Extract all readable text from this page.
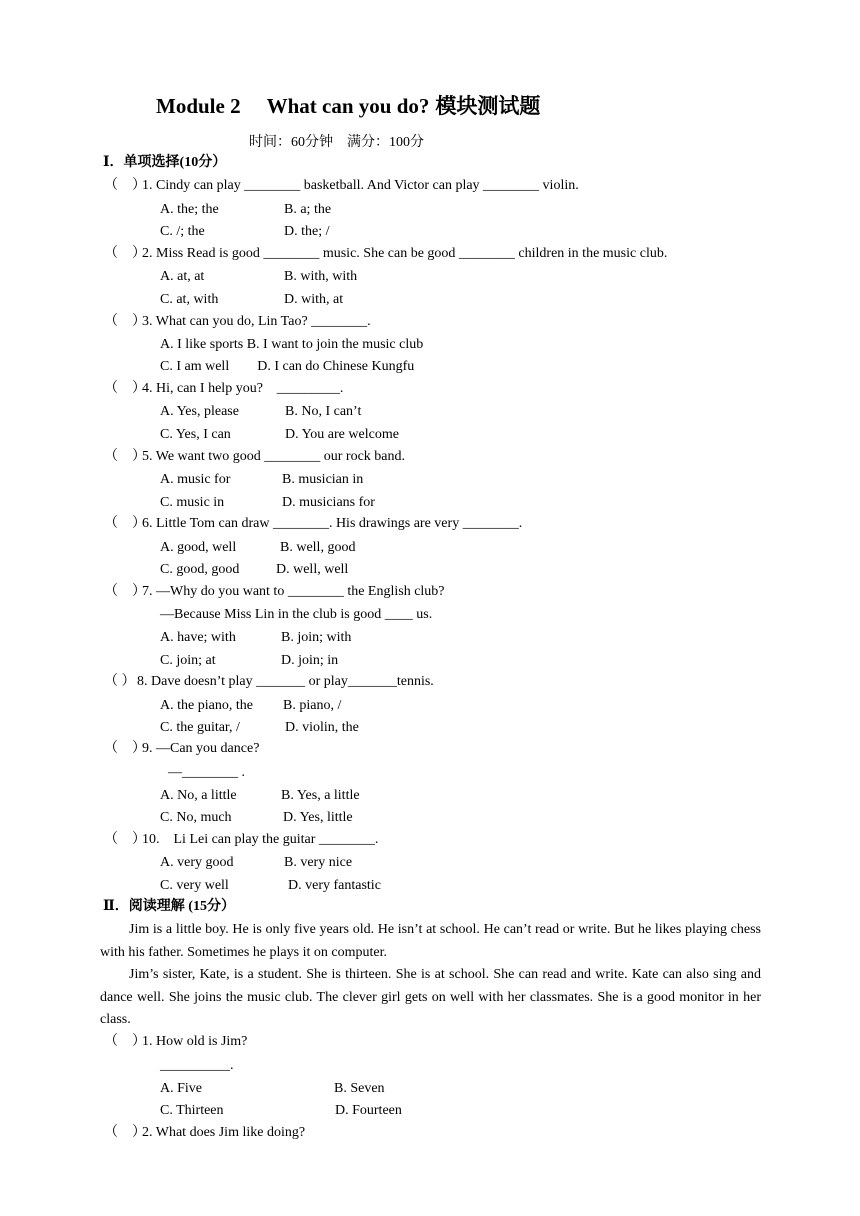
Module 2 What can you do? 模块测试题
时间：60分钟 满分：100分
Ⅰ．单项选择(10分）
（　）1. Cindy can play ________ basketball. And Victor can play ________ violin.
A. the; the	B. a; the
C. /; the	D. the; /
（　）2. Miss Read is good ________ music. She can be good ________ children in the music club.
A. at, at	B. with, with
C. at, with	D. with, at
（　）3. What can you do, Lin Tao? ________.
A. I like sports B. I want to join the music club
C. I am well　　D. I can do Chinese Kungfu
（　）4. Hi, can I help you?　_________.
A. Yes, please	B. No, I can’t
C. Yes, I can	D. You are welcome
（　）5. We want two good ________ our rock band.
A. music for	B. musician in
C. music in	D. musicians for
（　）6. Little Tom can draw ________. His drawings are very ________.
A. good, well	B. well, good
C. good, good	D. well, well
（　）7. —Why do you want to ________ the English club?
—Because Miss Lin in the club is good ____ us.
A. have; with	B. join; with
C. join; at	D. join; in
（ ） 8. Dave doesn’t play _______ or play_______tennis.
A. the piano, the B. piano, /
C. the guitar, /	D. violin, the
（　）9. —Can you dance?
—________ .
A. No, a little	B. Yes, a little
C. No, much	D. Yes, little
（　）10.　Li Lei can play the guitar ________.
A. very good	B. very nice
C. very well	D. very fantastic
Ⅱ．阅读理解 (15分）
Jim is a little boy. He is only five years old. He isn’t at school. He can’t read or write. But he likes playing chess with his father. Sometimes he plays it on computer.
Jim’s sister, Kate, is a student. She is thirteen. She is at school. She can read and write. Kate can also sing and dance well. She joins the music club. The clever girl gets on well with her classmates. She is a good monitor in her class.
（　）1. How old is Jim?
__________.
A. Five	B. Seven
C. Thirteen	D. Fourteen
（　）2. What does Jim like doing?
